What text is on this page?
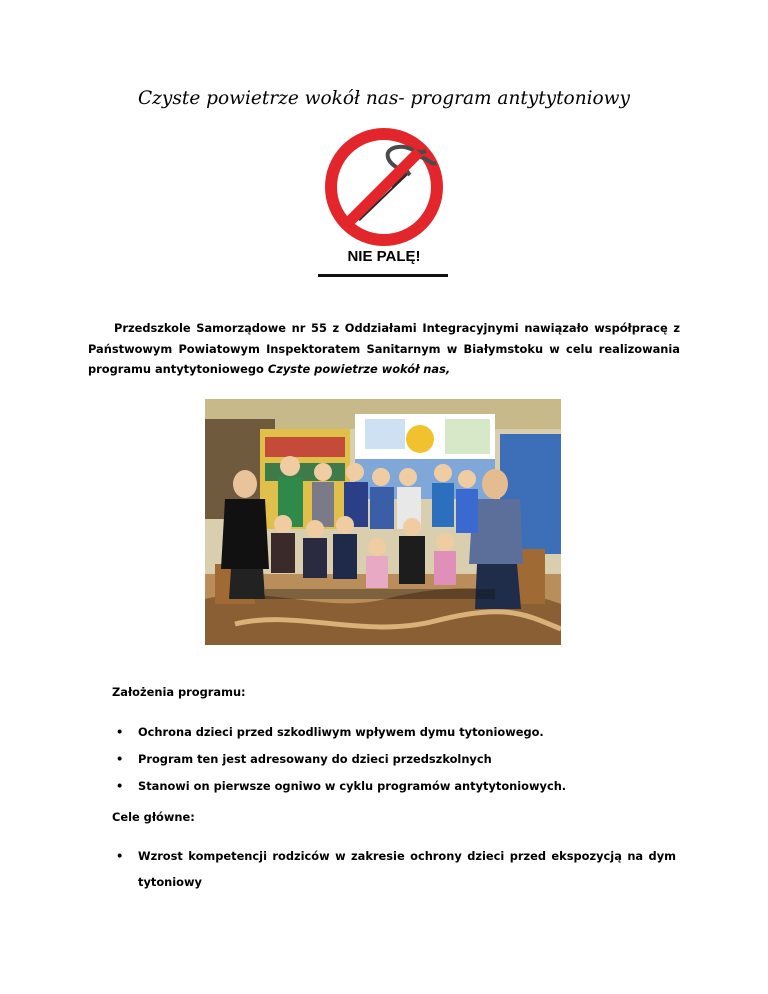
Czyste powietrze wokół nas- program antytytoniowy
NIE PALĘ!
Przedszkole Samorządowe nr 55 z Oddziałami Integracyjnymi nawiązało współpracę z Państwowym Powiatowym Inspektoratem Sanitarnym w Białymstoku w celu realizowania programu antytytoniowego Czyste powietrze wokół nas,
Założenia programu:
• Ochrona dzieci przed szkodliwym wpływem dymu tytoniowego.
• Program ten jest adresowany do dzieci przedszkolnych
• Stanowi on pierwsze ogniwo w cyklu programów antytytoniowych.
Cele główne:
• Wzrost kompetencji rodziców w zakresie ochrony dzieci przed ekspozycją na dym
tytoniowy
